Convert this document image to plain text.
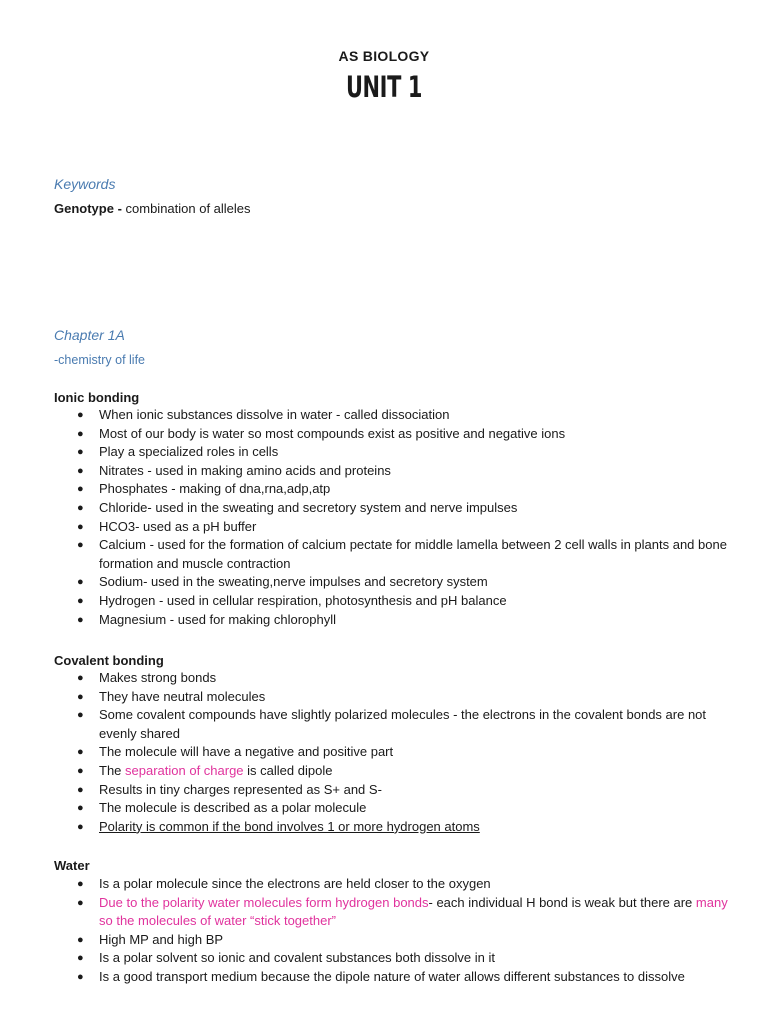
AS BIOLOGY
UNIT 1
Keywords
Genotype - combination of alleles
Chapter 1A
-chemistry of life
Ionic bonding
● When ionic substances dissolve in water - called dissociation
● Most of our body is water so most compounds exist as positive and negative ions
● Play a specialized roles in cells
● Nitrates - used in making amino acids and proteins
● Phosphates - making of dna,rna,adp,atp
● Chloride- used in the sweating and secretory system and nerve impulses
● HCO3- used as a pH buffer
● Calcium - used for the formation of calcium pectate for middle lamella between 2 cell walls in plants and bone formation and muscle contraction
● Sodium- used in the sweating,nerve impulses and secretory system
● Hydrogen - used in cellular respiration, photosynthesis and pH balance
● Magnesium - used for making chlorophyll
Covalent bonding
● Makes strong bonds
● They have neutral molecules
● Some covalent compounds have slightly polarized molecules - the electrons in the covalent bonds are not evenly shared
● The molecule will have a negative and positive part
● The separation of charge is called dipole
● Results in tiny charges represented as S+ and S-
● The molecule is described as a polar molecule
● Polarity is common if the bond involves 1 or more hydrogen atoms
Water
● Is a polar molecule since the electrons are held closer to the oxygen
● Due to the polarity water molecules form hydrogen bonds- each individual H bond is weak but there are many so the molecules of water “stick together”
● High MP and high BP
● Is a polar solvent so ionic and covalent substances both dissolve in it
● Is a good transport medium because the dipole nature of water allows different substances to dissolve
